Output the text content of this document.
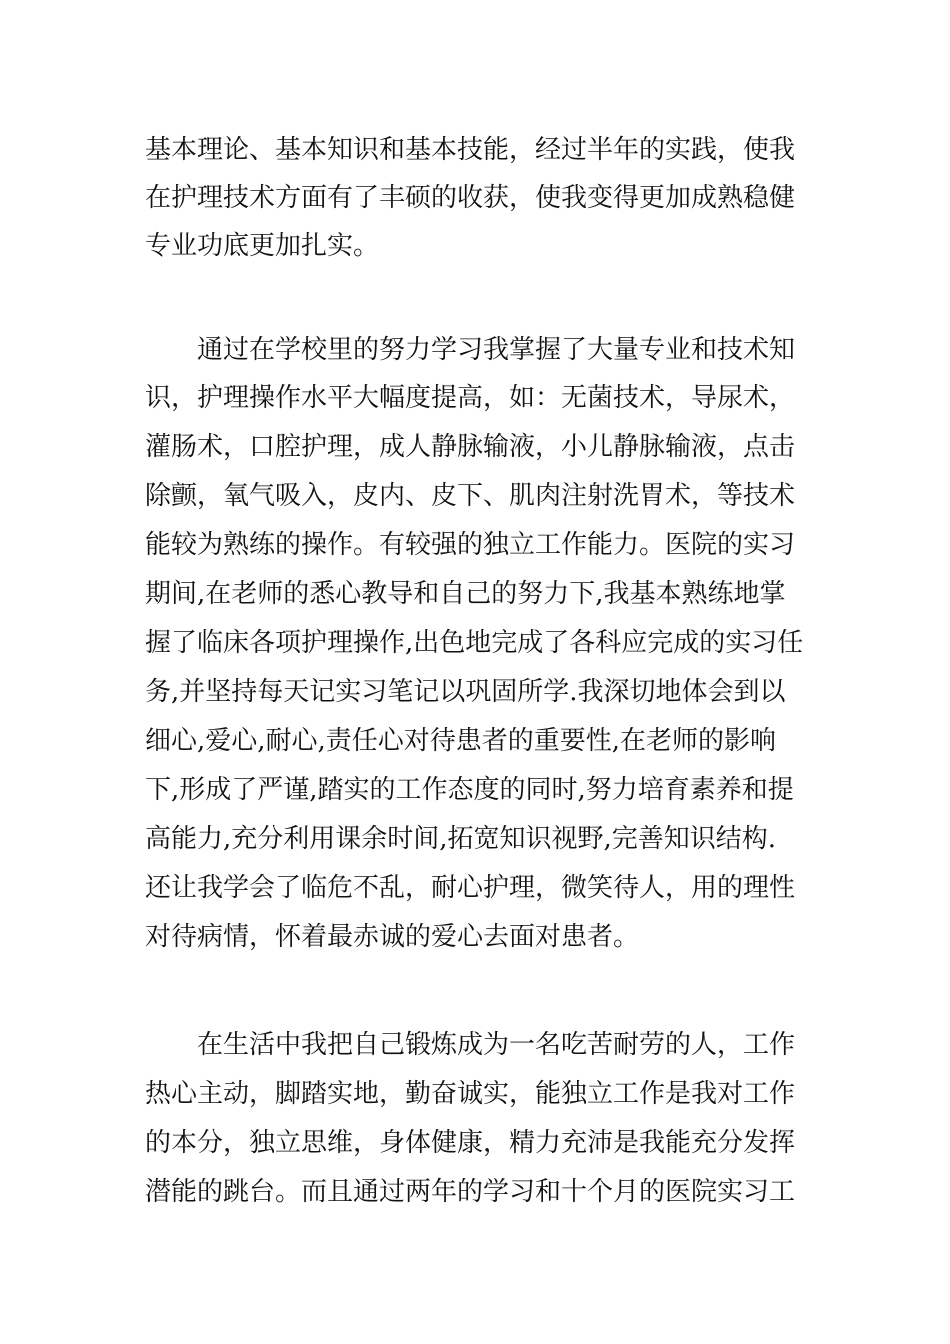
基本理论、基本知识和基本技能，经过半年的实践，使我

在护理技术方面有了丰硕的收获，使我变得更加成熟稳健

专业功底更加扎实。

通过在学校里的努力学习我掌握了大量专业和技术知

识，护理操作水平大幅度提高，如：无菌技术，导尿术，

灌肠术，口腔护理，成人静脉输液，小儿静脉输液，点击

除颤，氧气吸入，皮内、皮下、肌肉注射洗胃术，等技术

能较为熟练的操作。有较强的独立工作能力。医院的实习

期间,在老师的悉心教导和自己的努力下,我基本熟练地掌

握了临床各项护理操作,出色地完成了各科应完成的实习任

务,并坚持每天记实习笔记以巩固所学.我深切地体会到以

细心,爱心,耐心,责任心对待患者的重要性,在老师的影响

下,形成了严谨,踏实的工作态度的同时,努力培育素养和提

高能力,充分利用课余时间,拓宽知识视野,完善知识结构.

还让我学会了临危不乱，耐心护理，微笑待人，用的理性

对待病情，怀着最赤诚的爱心去面对患者。

在生活中我把自己锻炼成为一名吃苦耐劳的人，工作

热心主动，脚踏实地，勤奋诚实，能独立工作是我对工作

的本分，独立思维，身体健康，精力充沛是我能充分发挥

潜能的跳台。而且通过两年的学习和十个月的医院实习工
